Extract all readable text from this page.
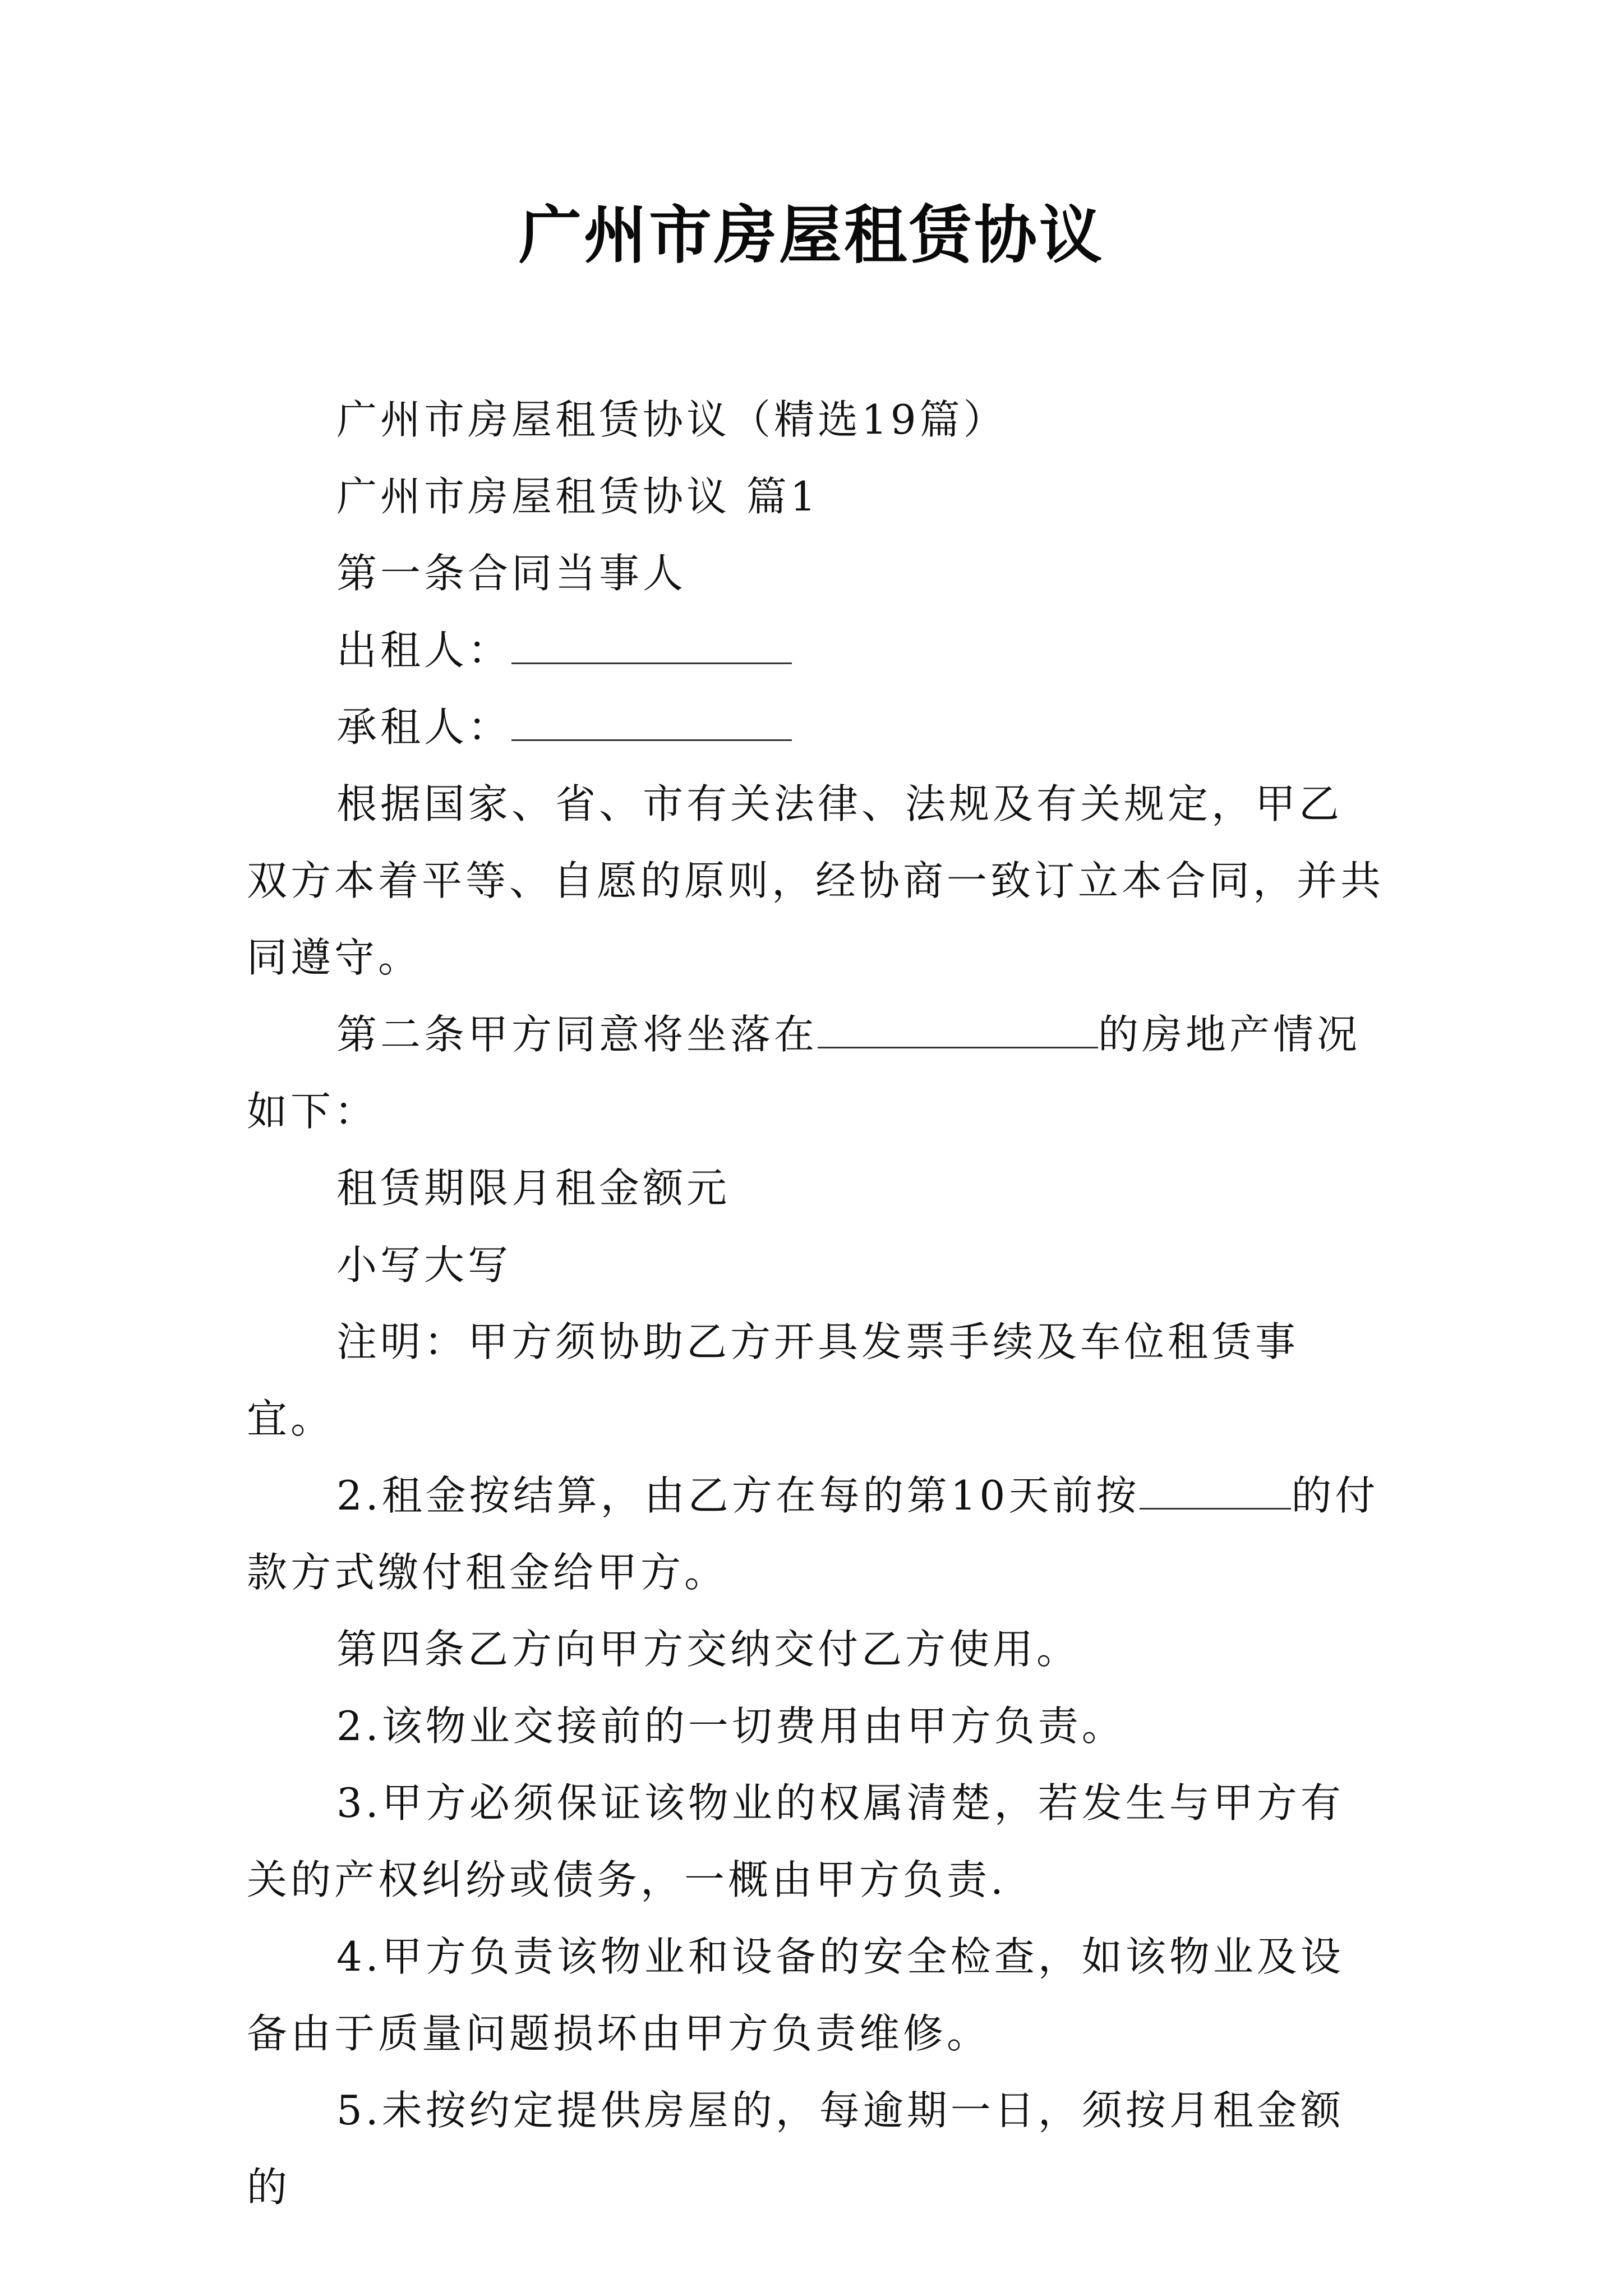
广州市房屋租赁协议

广州市房屋租赁协议（精选19篇）

广州市房屋租赁协议 篇1

第一条合同当事人

出租人：

承租人：

根据国家、省、市有关法律、法规及有关规定，甲乙双方本着平等、自愿的原则，经协商一致订立本合同，并共同遵守。

第二条甲方同意将坐落在	的房地产情况如下：

租赁期限月租金额元

小写大写

注明：甲方须协助乙方开具发票手续及车位租赁事宜。

2.租金按结算，由乙方在每的第10天前按	的付款方式缴付租金给甲方。

第四条乙方向甲方交纳交付乙方使用。

2.该物业交接前的一切费用由甲方负责。

3.甲方必须保证该物业的权属清楚，若发生与甲方有关的产权纠纷或债务，一概由甲方负责.

4.甲方负责该物业和设备的安全检查，如该物业及设备由于质量问题损坏由甲方负责维修。

5.未按约定提供房屋的，每逾期一日，须按月租金额的
